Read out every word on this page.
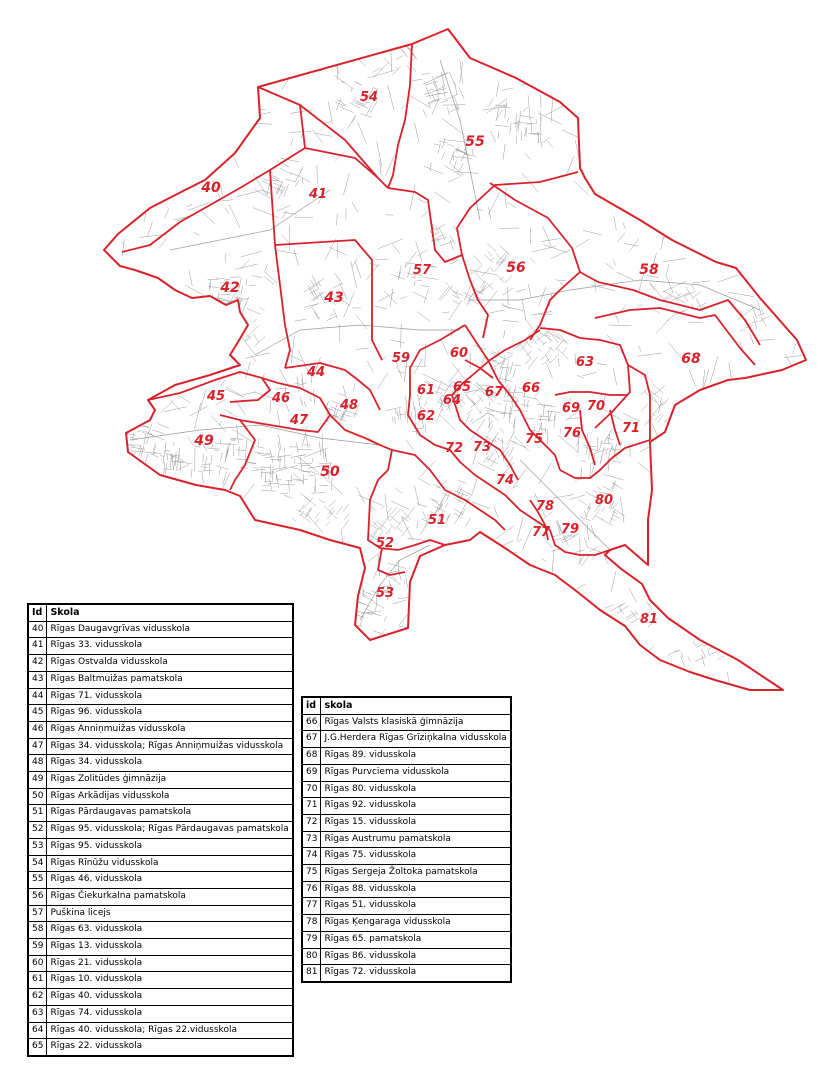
40	41
42
43
44
45	46
47
48
49
50
51
52
53
54
55
56
57	58
59	60
61
62
63
64
65	66
67
68
69 70
71
72 73
74
75 76
77
78
79
80
81
Id	Skola
40	Rīgas Daugavgrīvas vidusskola
41	Rīgas 33. vidusskola
42	Rīgas Ostvalda vidusskola
43	Rīgas Baltmuižas pamatskola
44	Rīgas 71. vidusskola
45	Rīgas 96. vidusskola
46	Rīgas Anniņmuižas vidusskola
47	Rīgas 34. vidusskola; Rīgas Anniņmuižas vidusskola
48	Rīgas 34. vidusskola
49	Rīgas Zolitūdes ģimnāzija
50	Rīgas Arkādijas vidusskola
51	Rīgas Pārdaugavas pamatskola
52	Rīgas 95. vidusskola; Rīgas Pārdaugavas pamatskola
53	Rīgas 95. vidusskola
54	Rīgas Rīnūžu vidusskola
55	Rīgas 46. vidusskola
56	Rīgas Čiekurkalna pamatskola
57	Puškina licejs
58	Rīgas 63. vidusskola
59	Rīgas 13. vidusskola
60	Rīgas 21. vidusskola
61	Rīgas 10. vidusskola
62	Rīgas 40. vidusskola
63	Rīgas 74. vidusskola
64	Rīgas 40. vidusskola; Rīgas 22.vidusskola
65	Rīgas 22. vidusskola
id	skola
66	Rīgas Valsts klasiskā ģimnāzija
67	J.G.Herdera Rīgas Grīziņkalna vidusskola
68	Rīgas 89. vidusskola
69	Rīgas Purvciema vidusskola
70	Rīgas 80. vidusskola
71	Rīgas 92. vidusskola
72	Rīgas 15. vidusskola
73	Rīgas Austrumu pamatskola
74	Rīgas 75. vidusskola
75	Rīgas Sergeja Žoltoka pamatskola
76	Rīgas 88. vidusskola
77	Rīgas 51. vidusskola
78	Rīgas Ķengaraga vidusskola
79	Rīgas 65. pamatskola
80	Rīgas 86. vidusskola
81	Rīgas 72. vidusskola
